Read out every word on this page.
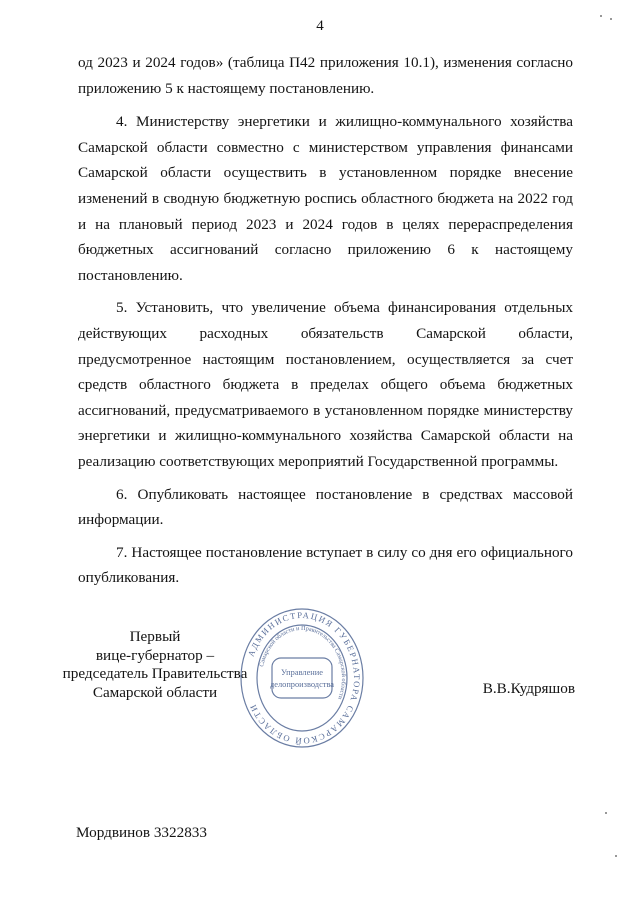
4

од 2023 и 2024 годов» (таблица П42 приложения 10.1), изменения согласно приложению 5 к настоящему постановлению.

4. Министерству энергетики и жилищно-коммунального хозяйства Самарской области совместно с министерством управления финансами Самарской области осуществить в установленном порядке внесение изменений в сводную бюджетную роспись областного бюджета на 2022 год и на плановый период 2023 и 2024 годов в целях перераспределения бюджетных ассигнований согласно приложению 6 к настоящему постановлению.

5. Установить, что увеличение объема финансирования отдельных действующих расходных обязательств Самарской области, предусмотренное настоящим постановлением, осуществляется за счет средств областного бюджета в пределах общего объема бюджетных ассигнований, предусматриваемого в установленном порядке министерству энергетики и жилищно-коммунального хозяйства Самарской области на реализацию соответствующих мероприятий Государственной программы.

6. Опубликовать настоящее постановление в средствах массовой информации.

7. Настоящее постановление вступает в силу со дня его официального опубликования.

Первый
вице-губернатор –
председатель Правительства
Самарской области
АДМИНИСТРАЦИЯ ГУБЕРНАТОРА САМАРСКОЙ ОБЛАСТИ
Самарской области и Правительства Самарской области
Управление
делопроизводства	В.В.Кудряшов
Мордвинов 3322833
